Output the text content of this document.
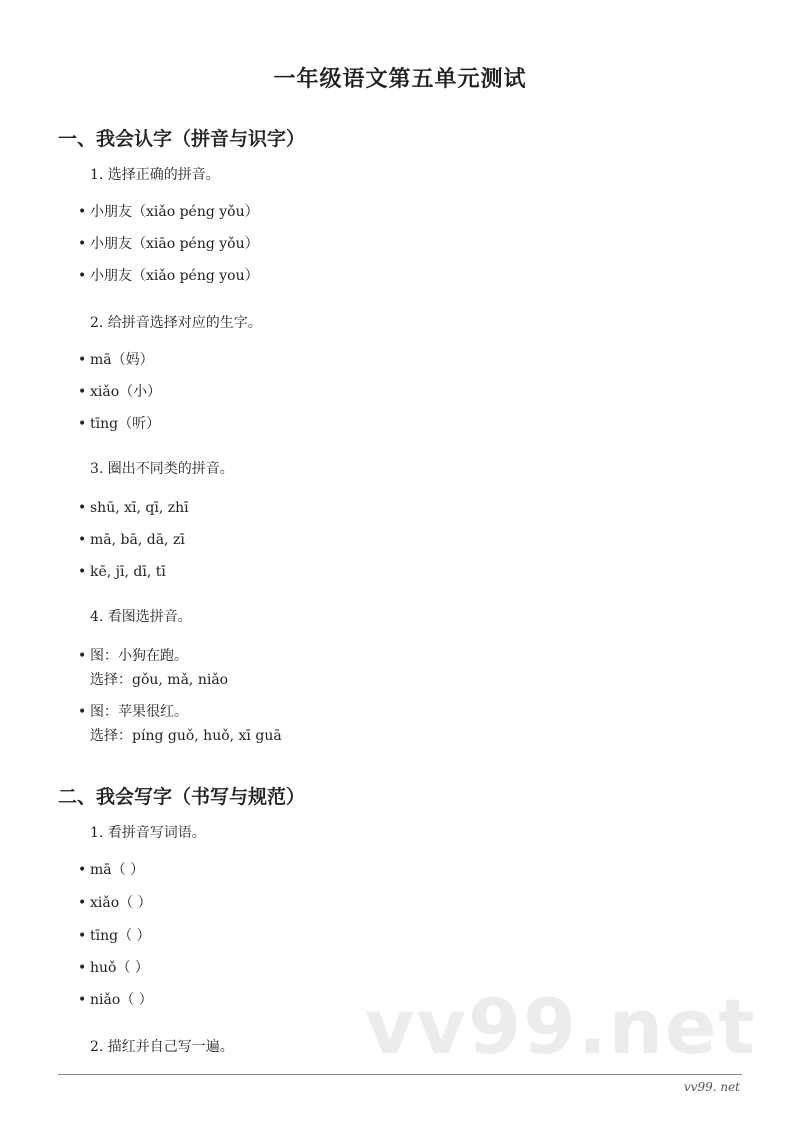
一年级语文第五单元测试
一、我会认字（拼音与识字）
1. 选择正确的拼音。
• 小朋友（xiǎo péng yǒu）
• 小朋友（xiāo péng yǒu）
• 小朋友（xiǎo péng you）
2. 给拼音选择对应的生字。
• mā（妈）
• xiǎo（小）
• tīng（听）
3. 圈出不同类的拼音。
• shū, xī, qī, zhī
• mā, bā, dā, zī
• kē, jī, dī, tī
4. 看图选拼音。
• 图：小狗在跑。
选择：gǒu, mǎ, niǎo
• 图：苹果很红。
选择：píng guǒ, huǒ, xī guā
二、我会写字（书写与规范）
1. 看拼音写词语。
• mā（ ）
• xiǎo（ ）
• tīng（ ）
• huǒ（ ）
• niǎo（ ）	vv99.net
2. 描红并自己写一遍。
vv99. net
